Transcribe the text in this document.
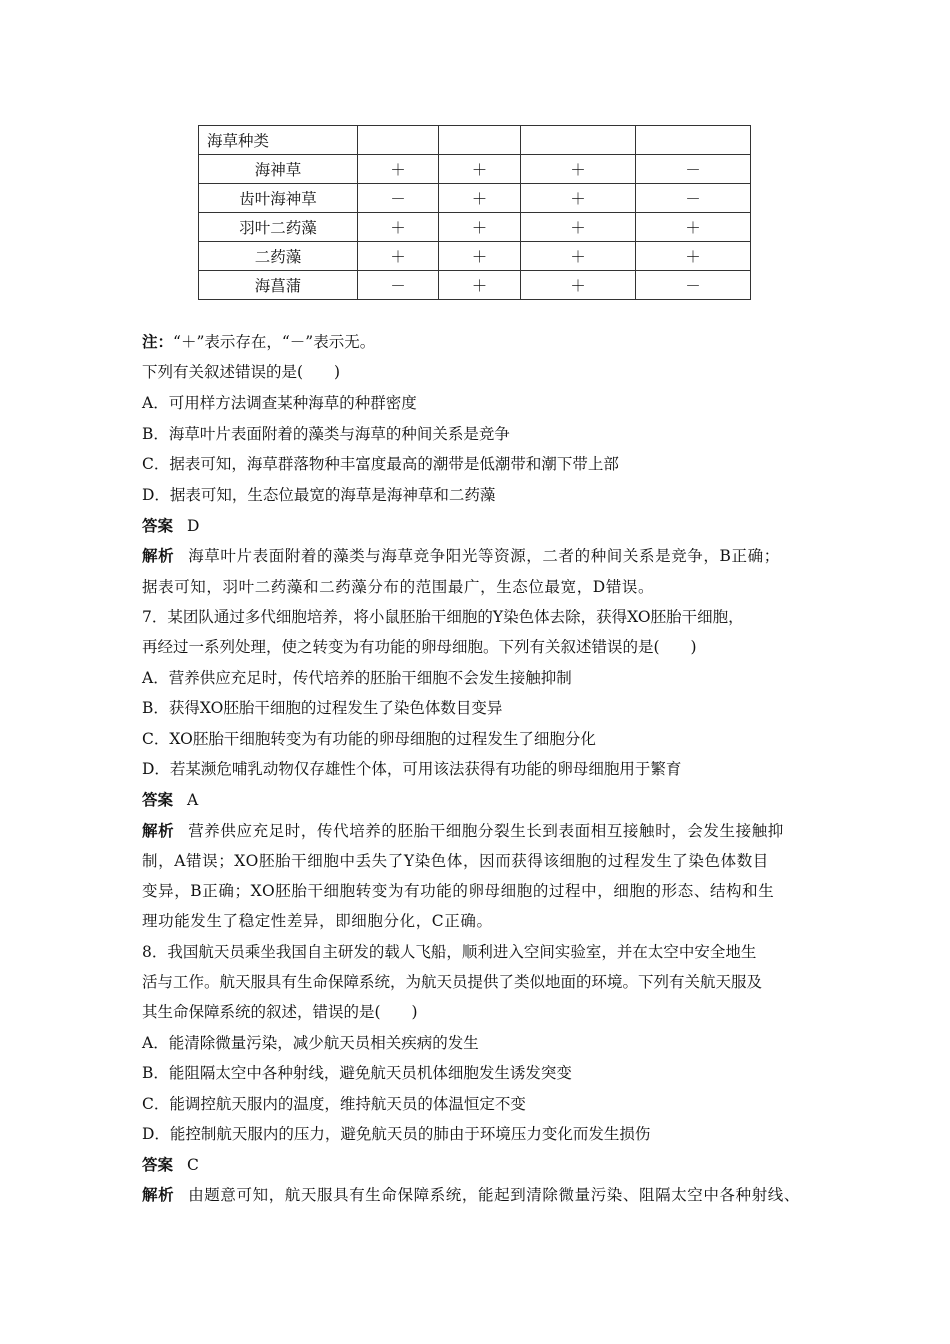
海草种类				
海神草	＋	＋	＋	－
齿叶海神草	－	＋	＋	－
羽叶二药藻	＋	＋	＋	＋
二药藻	＋	＋	＋	＋
海菖蒲	－	＋	＋	－
注：“＋”表示存在，“－”表示无。
下列有关叙述错误的是(　　)
A．可用样方法调查某种海草的种群密度
B．海草叶片表面附着的藻类与海草的种间关系是竞争
C．据表可知，海草群落物种丰富度最高的潮带是低潮带和潮下带上部
D．据表可知，生态位最宽的海草是海神草和二药藻
答案 D
解析 海草叶片表面附着的藻类与海草竞争阳光等资源，二者的种间关系是竞争，B正确；
据表可知，羽叶二药藻和二药藻分布的范围最广，生态位最宽，D错误。
7．某团队通过多代细胞培养，将小鼠胚胎干细胞的Y染色体去除，获得XO胚胎干细胞，
再经过一系列处理，使之转变为有功能的卵母细胞。下列有关叙述错误的是(　　)
A．营养供应充足时，传代培养的胚胎干细胞不会发生接触抑制
B．获得XO胚胎干细胞的过程发生了染色体数目变异
C．XO胚胎干细胞转变为有功能的卵母细胞的过程发生了细胞分化
D．若某濒危哺乳动物仅存雄性个体，可用该法获得有功能的卵母细胞用于繁育
答案 A
解析 营养供应充足时，传代培养的胚胎干细胞分裂生长到表面相互接触时，会发生接触抑
制，A错误；XO胚胎干细胞中丢失了Y染色体，因而获得该细胞的过程发生了染色体数目
变异，B正确；XO胚胎干细胞转变为有功能的卵母细胞的过程中，细胞的形态、结构和生
理功能发生了稳定性差异，即细胞分化，C正确。
8．我国航天员乘坐我国自主研发的载人飞船，顺利进入空间实验室，并在太空中安全地生
活与工作。航天服具有生命保障系统，为航天员提供了类似地面的环境。下列有关航天服及
其生命保障系统的叙述，错误的是(　　)
A．能清除微量污染，减少航天员相关疾病的发生
B．能阻隔太空中各种射线，避免航天员机体细胞发生诱发突变
C．能调控航天服内的温度，维持航天员的体温恒定不变
D．能控制航天服内的压力，避免航天员的肺由于环境压力变化而发生损伤
答案 C
解析 由题意可知，航天服具有生命保障系统，能起到清除微量污染、阻隔太空中各种射线、
